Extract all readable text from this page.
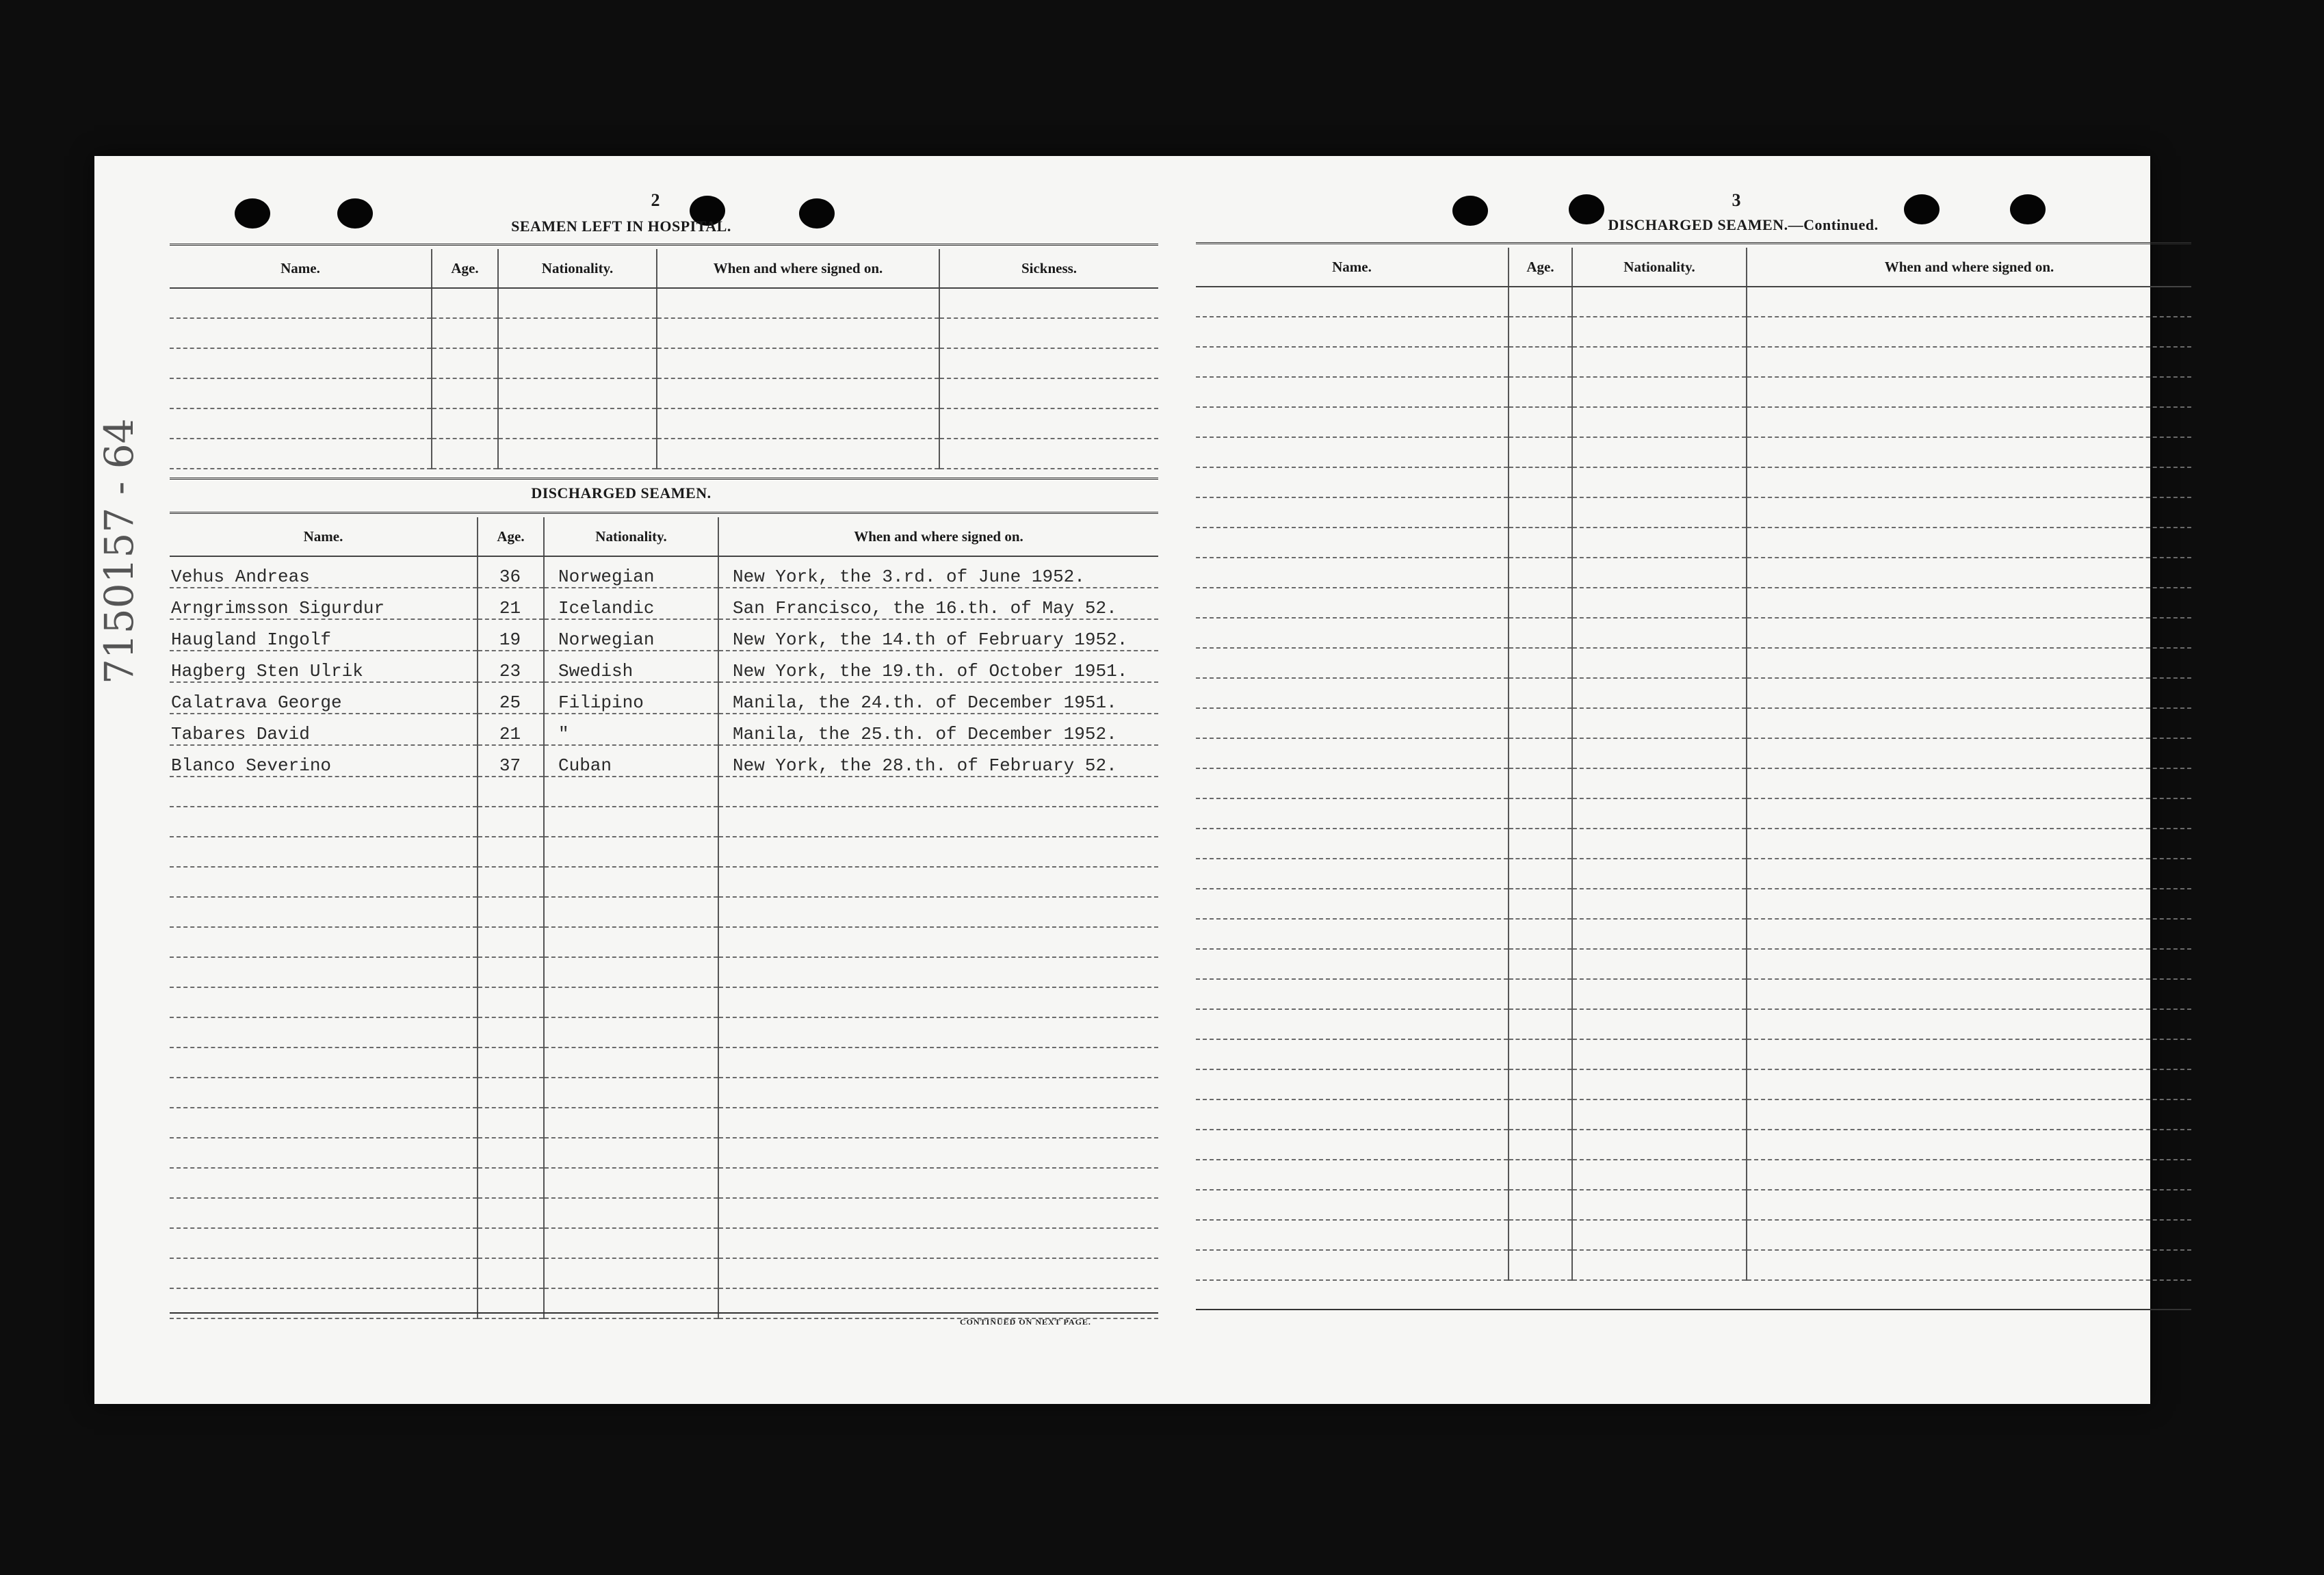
2
SEAMEN LEFT IN HOSPITAL.
Name.	Age.	Nationality.	When and where signed on.	Sickness.

DISCHARGED SEAMEN.
Name.	Age.	Nationality.	When and where signed on.
Vehus Andreas	36	Norwegian	New York, the 3.rd. of June 1952.
Arngrimsson Sigurdur	21	Icelandic	San Francisco, the 16.th. of May 52.
Haugland Ingolf	19	Norwegian	New York, the 14.th of February 1952.
Hagberg Sten Ulrik	23	Swedish	New York, the 19.th. of October 1951.
Calatrava George	25	Filipino	Manila, the 24.th. of December 1951.
Tabares David	21	"	Manila, the 25.th. of December 1952.
Blanco Severino	37	Cuban	New York, the 28.th. of February 52.

CONTINUED ON NEXT PAGE.
3
DISCHARGED SEAMEN.—Continued.
Name.	Age.	Nationality.	When and where signed on.

7150157 - 64
